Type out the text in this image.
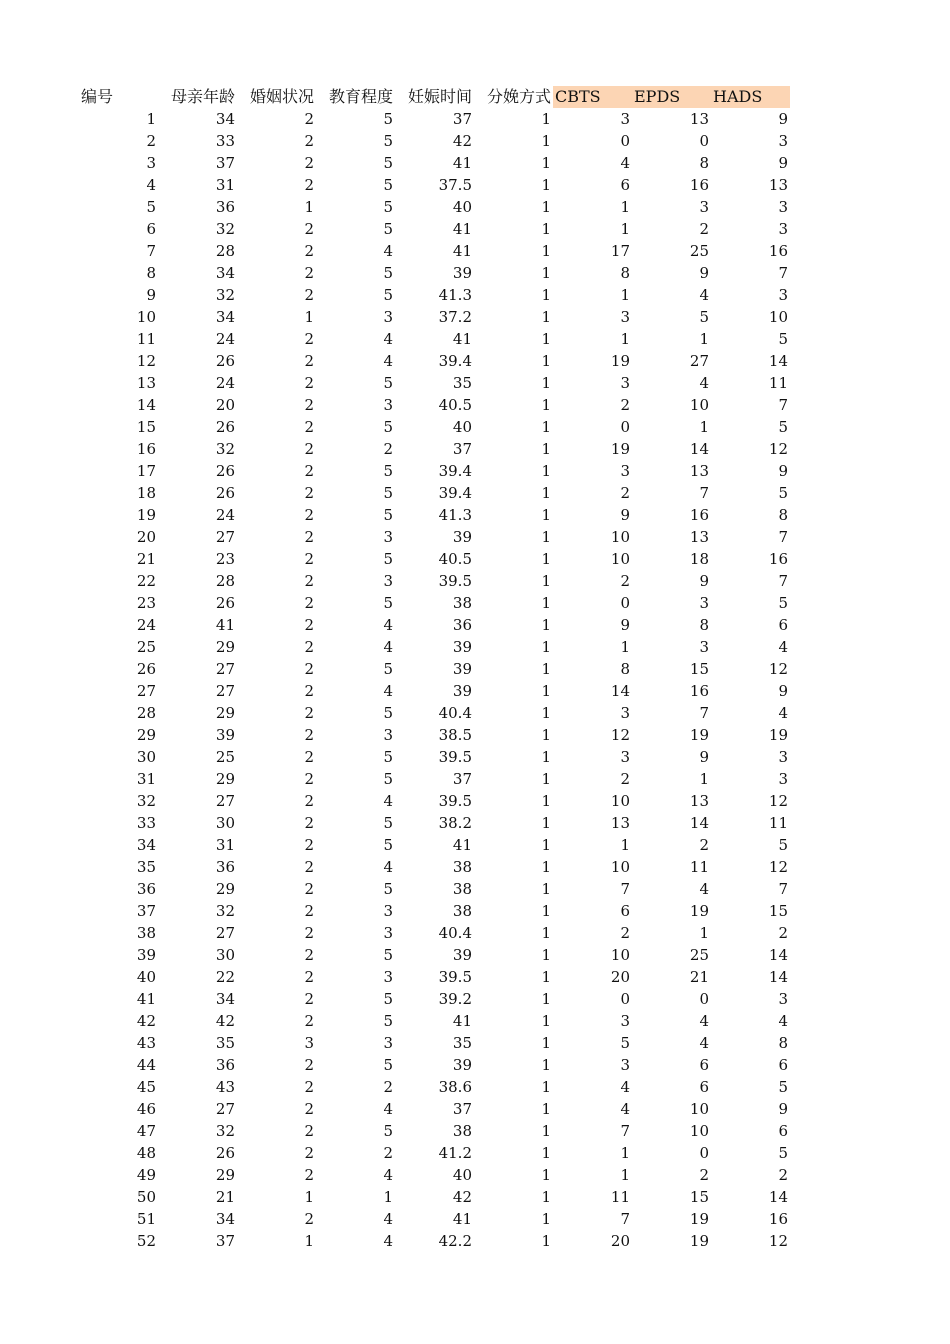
编号	母亲年龄	婚姻状况	教育程度	妊娠时间	分娩方式	CBTS	EPDS	HADS
1	34	2	5	37	1	3	13	9
2	33	2	5	42	1	0	0	3
3	37	2	5	41	1	4	8	9
4	31	2	5	37.5	1	6	16	13
5	36	1	5	40	1	1	3	3
6	32	2	5	41	1	1	2	3
7	28	2	4	41	1	17	25	16
8	34	2	5	39	1	8	9	7
9	32	2	5	41.3	1	1	4	3
10	34	1	3	37.2	1	3	5	10
11	24	2	4	41	1	1	1	5
12	26	2	4	39.4	1	19	27	14
13	24	2	5	35	1	3	4	11
14	20	2	3	40.5	1	2	10	7
15	26	2	5	40	1	0	1	5
16	32	2	2	37	1	19	14	12
17	26	2	5	39.4	1	3	13	9
18	26	2	5	39.4	1	2	7	5
19	24	2	5	41.3	1	9	16	8
20	27	2	3	39	1	10	13	7
21	23	2	5	40.5	1	10	18	16
22	28	2	3	39.5	1	2	9	7
23	26	2	5	38	1	0	3	5
24	41	2	4	36	1	9	8	6
25	29	2	4	39	1	1	3	4
26	27	2	5	39	1	8	15	12
27	27	2	4	39	1	14	16	9
28	29	2	5	40.4	1	3	7	4
29	39	2	3	38.5	1	12	19	19
30	25	2	5	39.5	1	3	9	3
31	29	2	5	37	1	2	1	3
32	27	2	4	39.5	1	10	13	12
33	30	2	5	38.2	1	13	14	11
34	31	2	5	41	1	1	2	5
35	36	2	4	38	1	10	11	12
36	29	2	5	38	1	7	4	7
37	32	2	3	38	1	6	19	15
38	27	2	3	40.4	1	2	1	2
39	30	2	5	39	1	10	25	14
40	22	2	3	39.5	1	20	21	14
41	34	2	5	39.2	1	0	0	3
42	42	2	5	41	1	3	4	4
43	35	3	3	35	1	5	4	8
44	36	2	5	39	1	3	6	6
45	43	2	2	38.6	1	4	6	5
46	27	2	4	37	1	4	10	9
47	32	2	5	38	1	7	10	6
48	26	2	2	41.2	1	1	0	5
49	29	2	4	40	1	1	2	2
50	21	1	1	42	1	11	15	14
51	34	2	4	41	1	7	19	16
52	37	1	4	42.2	1	20	19	12
